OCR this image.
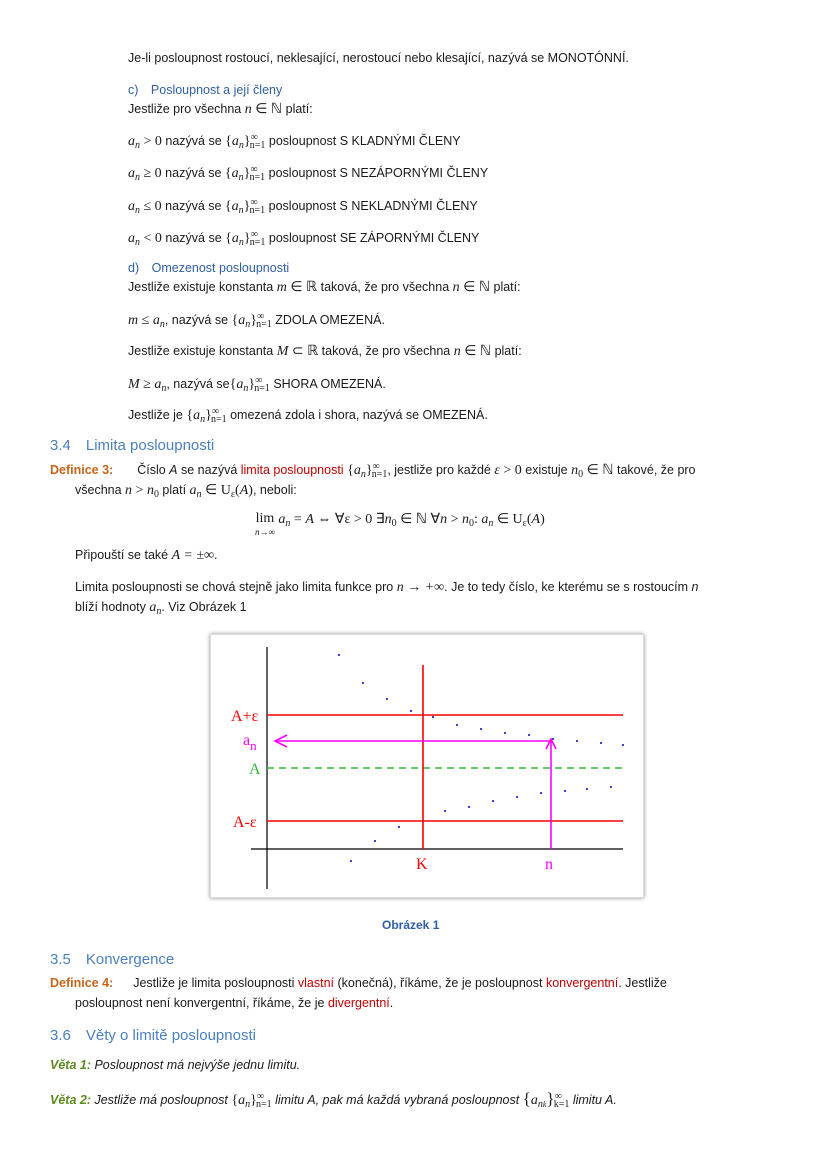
Je-li posloupnost rostoucí, neklesající, nerostoucí nebo klesající, nazývá se MONOTÓNNÍ.
c) Posloupnost a její členy
Jestliže pro všechna n ∈ ℕ platí:
$a_n > 0$ nazývá se $\{a_n\}^\infty_{n=1}$ posloupnost S KLADNÝMI ČLENY
$a_n \ge 0$ nazývá se $\{a_n\}^\infty_{n=1}$ posloupnost S NEZÁPORNÝMI ČLENY
$a_n \le 0$ nazývá se $\{a_n\}^\infty_{n=1}$ posloupnost S NEKLADNÝMI ČLENY
$a_n < 0$ nazývá se $\{a_n\}^\infty_{n=1}$ posloupnost SE ZÁPORNÝMI ČLENY
d) Omezenost posloupnosti
Jestliže existuje konstanta m ∈ ℝ taková, že pro všechna n ∈ ℕ platí:
$m \le a_n$, nazývá se $\{a_n\}^\infty_{n=1}$ ZDOLA OMEZENÁ.
Jestliže existuje konstanta M ⊂ ℝ taková, že pro všechna n ∈ ℕ platí:
$M \ge a_n$, nazývá $se\{a_n\}^\infty_{n=1}$ SHORA OMEZENÁ.
Jestliže je $\{a_n\}^\infty_{n=1}$ omezená zdola i shora, nazývá se OMEZENÁ.
3.4 Limita posloupnosti
Definice 3: Číslo A se nazývá limita posloupnosti $\{a_n\}^\infty_{n=1}$, jestliže pro každé ε > 0 existuje $n_0$ ∈ ℕ takové, že pro
všechna $n > n_0$ platí $a_n$ ∈ $U_\varepsilon(A)$, neboli:
lim
n→∞
$a_n = A$ ⇔ ∀ε > 0 $\exists n_0$ ∈ ℕ ∀n > $n_0$: $a_n$ ∈ $U_\varepsilon(A)$
Připouští se také A = ±∞.
Limita posloupnosti se chová stejně jako limita funkce pro n → +∞. Je to tedy číslo, ke kterému se s rostoucím n
blíží hodnoty $a_n$. Viz Obrázek 1
A+ε
$a_n$
A
A-ε
K	n
Obrázek 1
3.5 Konvergence
Definice 4: Jestliže je limita posloupnosti vlastní (konečná), říkáme, že je posloupnost konvergentní. Jestliže
posloupnost není konvergentní, říkáme, že je divergentní.
3.6 Věty o limitě posloupnosti
Věta 1: Posloupnost má nejvýše jednu limitu.
Věta 2: Jestliže má posloupnost $\{a_n\}^\infty_{n=1}$ limitu A, pak má každá vybraná posloupnost $\{a_{nk}\}^\infty_{k=1}$ limitu A.
